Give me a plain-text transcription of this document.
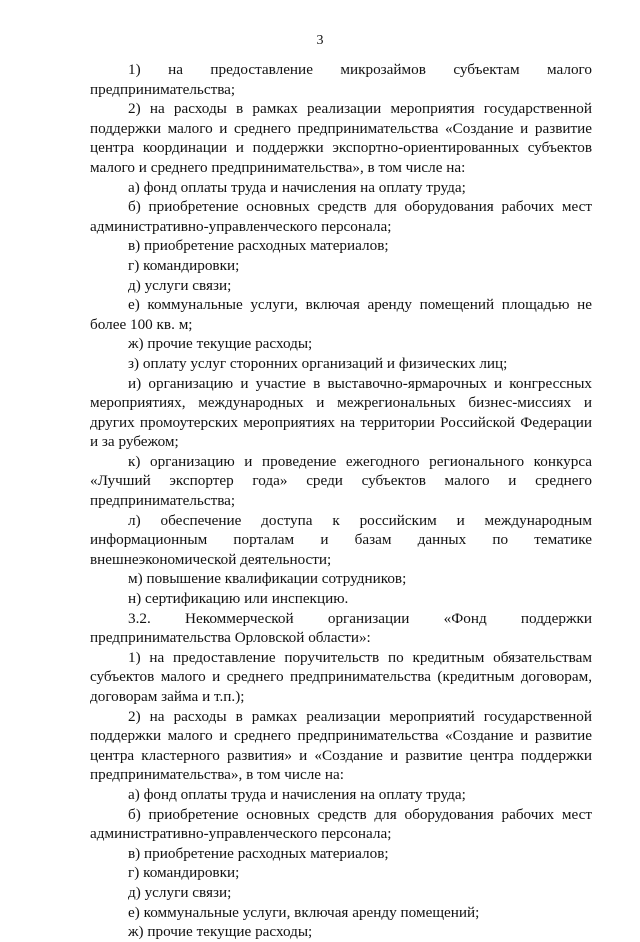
3

1) на предоставление микрозаймов субъектам малого предпринимательства;

2) на расходы в рамках реализации мероприятия государственной поддержки малого и среднего предпринимательства «Создание и развитие центра координации и поддержки экспортно-ориентированных субъектов малого и среднего предпринимательства», в том числе на:

а) фонд оплаты труда и начисления на оплату труда;

б) приобретение основных средств для оборудования рабочих мест административно-управленческого персонала;

в) приобретение расходных материалов;

г) командировки;

д) услуги связи;

е) коммунальные услуги, включая аренду помещений площадью не более 100 кв. м;

ж) прочие текущие расходы;

з) оплату услуг сторонних организаций и физических лиц;

и) организацию и участие в выставочно-ярмарочных и конгрессных мероприятиях, международных и межрегиональных бизнес-миссиях и других промоутерских мероприятиях на территории Российской Федерации и за рубежом;

к) организацию и проведение ежегодного регионального конкурса «Лучший экспортер года» среди субъектов малого и среднего предпринимательства;

л) обеспечение доступа к российским и международным информационным порталам и базам данных по тематике внешнеэкономической деятельности;

м) повышение квалификации сотрудников;

н) сертификацию или инспекцию.

3.2. Некоммерческой организации «Фонд поддержки предпринимательства Орловской области»:

1) на предоставление поручительств по кредитным обязательствам субъектов малого и среднего предпринимательства (кредитным договорам, договорам займа и т.п.);

2) на расходы в рамках реализации мероприятий государственной поддержки малого и среднего предпринимательства «Создание и развитие центра кластерного развития» и «Создание и развитие центра поддержки предпринимательства», в том числе на:

а) фонд оплаты труда и начисления на оплату труда;

б) приобретение основных средств для оборудования рабочих мест административно-управленческого персонала;

в) приобретение расходных материалов;

г) командировки;

д) услуги связи;

е) коммунальные услуги, включая аренду помещений;

ж) прочие текущие расходы;
